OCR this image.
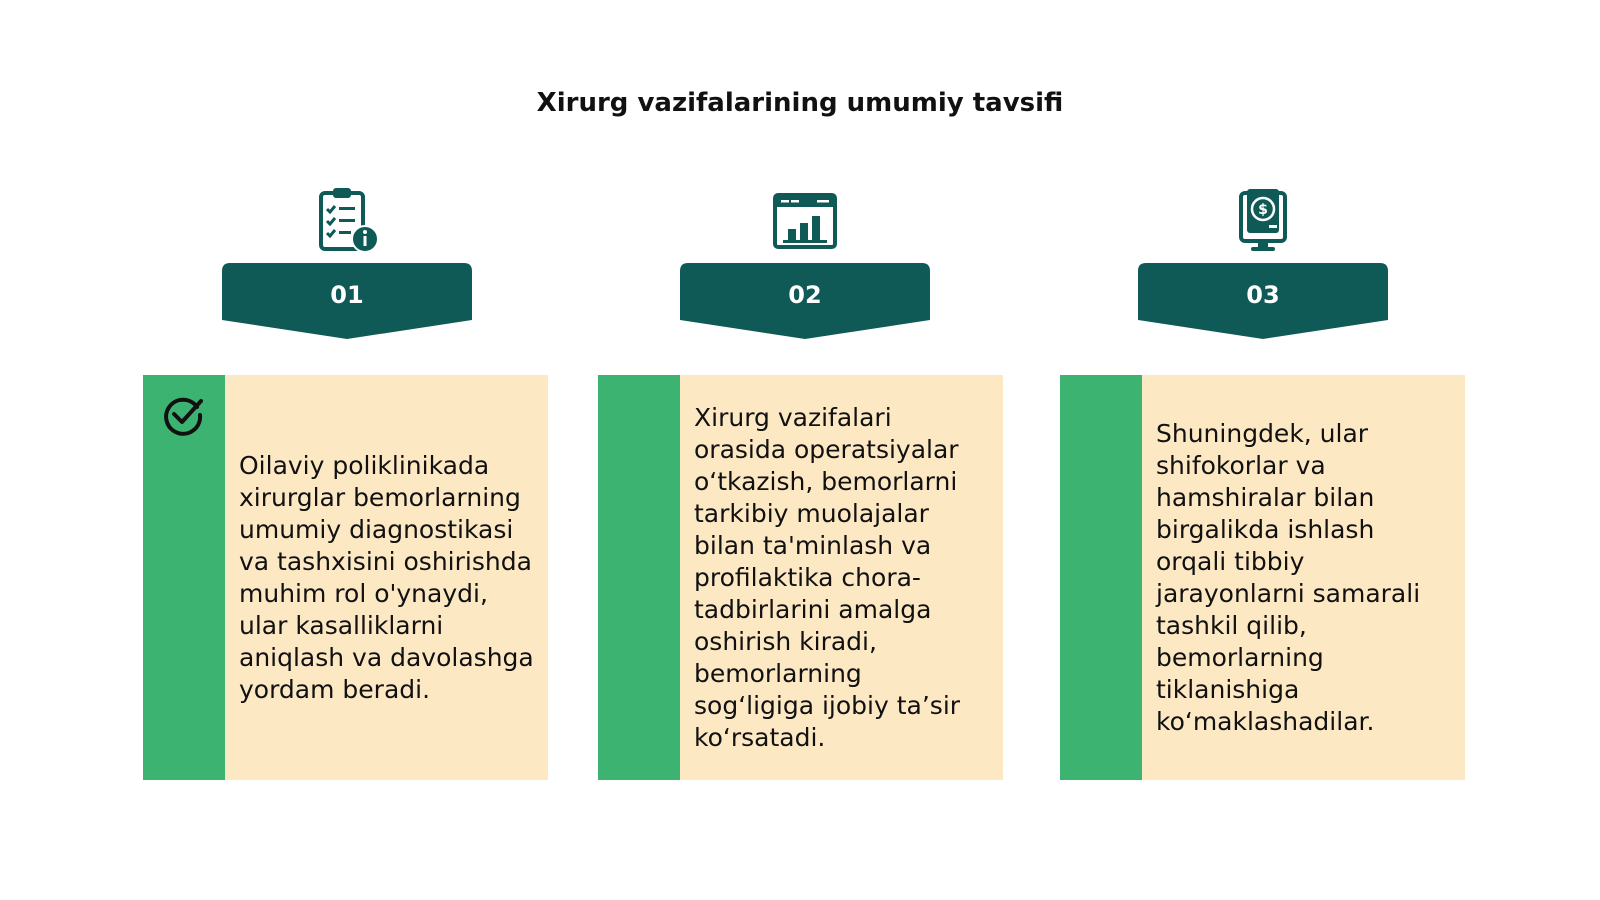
Xirurg vazifalarining umumiy tavsifi
01	02
$
03

Oilaviy poliklinikada xirurglar bemorlarning umumiy diagnostikasi va tashxisini oshirishda muhim rol o'ynaydi, ular kasalliklarni aniqlash va davolashga yordam beradi.

Xirurg vazifalari orasida operatsiyalar o‘tkazish, bemorlarni tarkibiy muolajalar bilan ta'minlash va profilaktika chora-tadbirlarini amalga oshirish kiradi, bemorlarning sog‘ligiga ijobiy ta’sir ko‘rsatadi.

Shuningdek, ular shifokorlar va hamshiralar bilan birgalikda ishlash orqali tibbiy jarayonlarni samarali tashkil qilib, bemorlarning tiklanishiga ko‘maklashadilar.
